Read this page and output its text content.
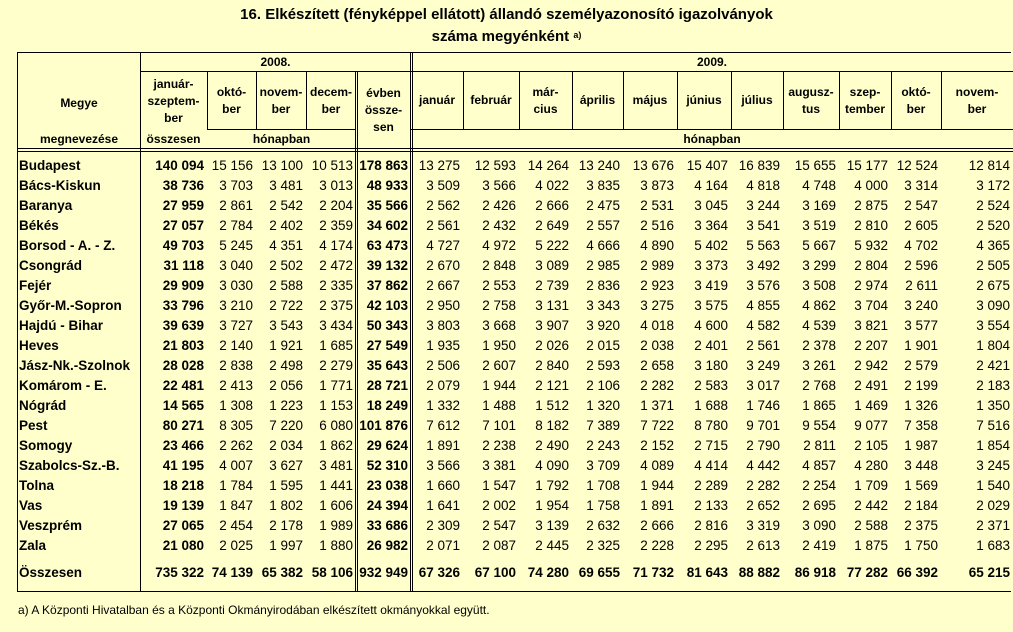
16. Elkészített (fényképpel ellátott) állandó személyazonosító igazolványok
száma megyénként $^{a)}$
Megye
megnevezése
2008.	2009.
január-
szeptem-
ber
összesen
októ-
ber
novem-
ber
decem-
ber
hónapban
évben
össze-
sen
január	február
már-
cius
április	május	június	július
augusz-
tus
szep-
tember
októ-
ber
novem-
ber
hónapban
Budapest	140 094	15 156	13 100	10 513	178 863	13 275	12 593	14 264	13 240	13 676	15 407	16 839	15 655	15 177	12 524	12 814
Bács-Kiskun	38 736	3 703	3 481	3 013	48 933	3 509	3 566	4 022	3 835	3 873	4 164	4 818	4 748	4 000	3 314	3 172
Baranya	27 959	2 861	2 542	2 204	35 566	2 562	2 426	2 666	2 475	2 531	3 045	3 244	3 169	2 875	2 547	2 524
Békés	27 057	2 784	2 402	2 359	34 602	2 561	2 432	2 649	2 557	2 516	3 364	3 541	3 519	2 810	2 605	2 520
Borsod - A. - Z.	49 703	5 245	4 351	4 174	63 473	4 727	4 972	5 222	4 666	4 890	5 402	5 563	5 667	5 932	4 702	4 365
Csongrád	31 118	3 040	2 502	2 472	39 132	2 670	2 848	3 089	2 985	2 989	3 373	3 492	3 299	2 804	2 596	2 505
Fejér	29 909	3 030	2 588	2 335	37 862	2 667	2 553	2 739	2 836	2 923	3 419	3 576	3 508	2 974	2 611	2 675
Győr-M.-Sopron	33 796	3 210	2 722	2 375	42 103	2 950	2 758	3 131	3 343	3 275	3 575	4 855	4 862	3 704	3 240	3 090
Hajdú - Bihar	39 639	3 727	3 543	3 434	50 343	3 803	3 668	3 907	3 920	4 018	4 600	4 582	4 539	3 821	3 577	3 554
Heves	21 803	2 140	1 921	1 685	27 549	1 935	1 950	2 026	2 015	2 038	2 401	2 561	2 378	2 207	1 901	1 804
Jász-Nk.-Szolnok	28 028	2 838	2 498	2 279	35 643	2 506	2 607	2 840	2 593	2 658	3 180	3 249	3 261	2 942	2 579	2 421
Komárom - E.	22 481	2 413	2 056	1 771	28 721	2 079	1 944	2 121	2 106	2 282	2 583	3 017	2 768	2 491	2 199	2 183
Nógrád	14 565	1 308	1 223	1 153	18 249	1 332	1 488	1 512	1 320	1 371	1 688	1 746	1 865	1 469	1 326	1 350
Pest	80 271	8 305	7 220	6 080	101 876	7 612	7 101	8 182	7 389	7 722	8 780	9 701	9 554	9 077	7 358	7 516
Somogy	23 466	2 262	2 034	1 862	29 624	1 891	2 238	2 490	2 243	2 152	2 715	2 790	2 811	2 105	1 987	1 854
Szabolcs-Sz.-B.	41 195	4 007	3 627	3 481	52 310	3 566	3 381	4 090	3 709	4 089	4 414	4 442	4 857	4 280	3 448	3 245
Tolna	18 218	1 784	1 595	1 441	23 038	1 660	1 547	1 792	1 708	1 944	2 289	2 282	2 254	1 709	1 569	1 540
Vas	19 139	1 847	1 802	1 606	24 394	1 641	2 002	1 954	1 758	1 891	2 133	2 652	2 695	2 442	2 184	2 029
Veszprém	27 065	2 454	2 178	1 989	33 686	2 309	2 547	3 139	2 632	2 666	2 816	3 319	3 090	2 588	2 375	2 371
Zala	21 080	2 025	1 997	1 880	26 982	2 071	2 087	2 445	2 325	2 228	2 295	2 613	2 419	1 875	1 750	1 683
Összesen	735 322	74 139	65 382	58 106	932 949	67 326	67 100	74 280	69 655	71 732	81 643	88 882	86 918	77 282	66 392	65 215
a) A Központi Hivatalban és a Központi Okmányirodában elkészített okmányokkal együtt.
